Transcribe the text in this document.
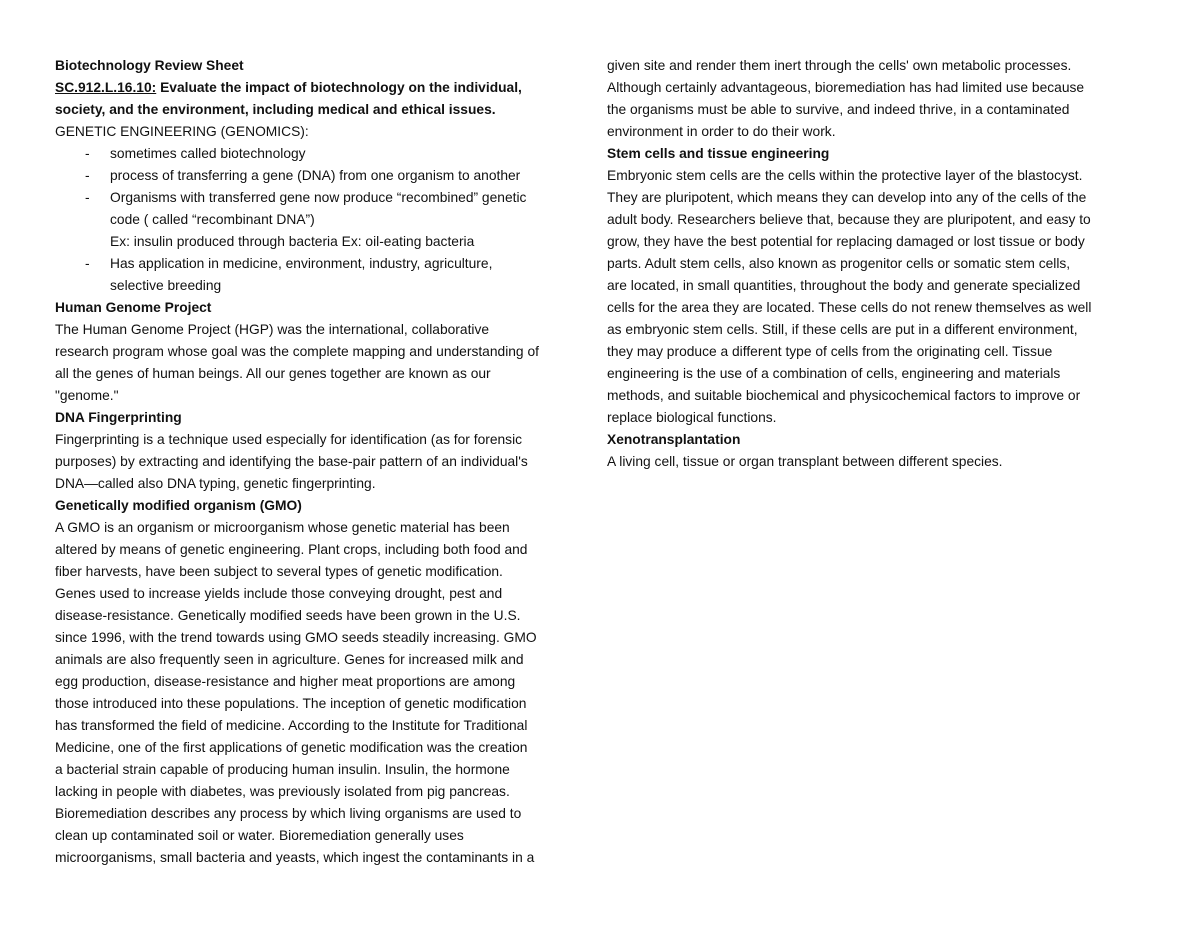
Biotechnology Review Sheet
SC.912.L.16.10: Evaluate the impact of biotechnology on the individual,
society, and the environment, including medical and ethical issues.
GENETIC ENGINEERING (GENOMICS):
- sometimes called biotechnology
- process of transferring a gene (DNA) from one organism to another
- Organisms with transferred gene now produce “recombined” genetic
code ( called “recombinant DNA”)
Ex: insulin produced through bacteria Ex: oil-eating bacteria
- Has application in medicine, environment, industry, agriculture,
selective breeding
Human Genome Project
The Human Genome Project (HGP) was the international, collaborative
research program whose goal was the complete mapping and understanding of
all the genes of human beings. All our genes together are known as our
"genome."
DNA Fingerprinting
Fingerprinting is a technique used especially for identification (as for forensic
purposes) by extracting and identifying the base-pair pattern of an individual's
DNA—called also DNA typing, genetic fingerprinting.
Genetically modified organism (GMO)
A GMO is an organism or microorganism whose genetic material has been
altered by means of genetic engineering. Plant crops, including both food and
fiber harvests, have been subject to several types of genetic modification.
Genes used to increase yields include those conveying drought, pest and
disease-resistance. Genetically modified seeds have been grown in the U.S.
since 1996, with the trend towards using GMO seeds steadily increasing. GMO
animals are also frequently seen in agriculture. Genes for increased milk and
egg production, disease-resistance and higher meat proportions are among
those introduced into these populations. The inception of genetic modification
has transformed the field of medicine. According to the Institute for Traditional
Medicine, one of the first applications of genetic modification was the creation
a bacterial strain capable of producing human insulin. Insulin, the hormone
lacking in people with diabetes, was previously isolated from pig pancreas.
Bioremediation describes any process by which living organisms are used to
clean up contaminated soil or water. Bioremediation generally uses
microorganisms, small bacteria and yeasts, which ingest the contaminants in a
given site and render them inert through the cells' own metabolic processes.
Although certainly advantageous, bioremediation has had limited use because
the organisms must be able to survive, and indeed thrive, in a contaminated
environment in order to do their work.
Stem cells and tissue engineering
Embryonic stem cells are the cells within the protective layer of the blastocyst.
They are pluripotent, which means they can develop into any of the cells of the
adult body. Researchers believe that, because they are pluripotent, and easy to
grow, they have the best potential for replacing damaged or lost tissue or body
parts. Adult stem cells, also known as progenitor cells or somatic stem cells,
are located, in small quantities, throughout the body and generate specialized
cells for the area they are located. These cells do not renew themselves as well
as embryonic stem cells. Still, if these cells are put in a different environment,
they may produce a different type of cells from the originating cell. Tissue
engineering is the use of a combination of cells, engineering and materials
methods, and suitable biochemical and physicochemical factors to improve or
replace biological functions.
Xenotransplantation
A living cell, tissue or organ transplant between different species.
